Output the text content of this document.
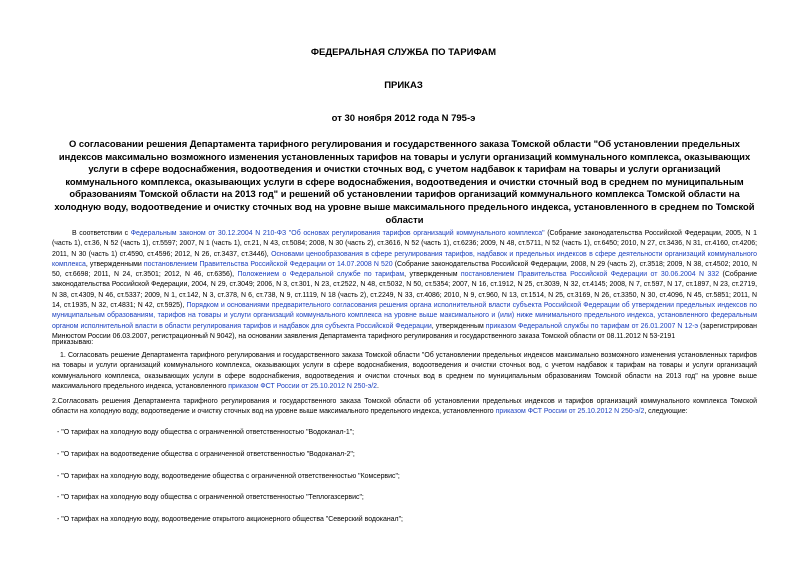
ФЕДЕРАЛЬНАЯ СЛУЖБА ПО ТАРИФАМ
ПРИКАЗ
от 30 ноября 2012 года N 795-э
О согласовании решения Департамента тарифного регулирования и государственного заказа Томской области "Об установлении предельных индексов максимально возможного изменения установленных тарифов на товары и услуги организаций коммунального комплекса, оказывающих услуги в сфере водоснабжения, водоотведения и очистки сточных вод, с учетом надбавок к тарифам на товары и услуги организаций коммунального комплекса, оказывающих услуги в сфере водоснабжения, водоотведения и очистки сточный вод в среднем по муниципальным образованиям Томской области на 2013 год" и решений об установлении тарифов организаций коммунального комплекса Томской области на холодную воду, водоотведение и очистку сточных вод на уровне выше максимального предельного индекса, установленного в среднем по Томской области
В соответствии с Федеральным законом от 30.12.2004 N 210-ФЗ "Об основах регулирования тарифов организаций коммунального комплекса" (Собрание законодательства Российской Федерации, 2005, N 1 (часть 1), ст.36, N 52 (часть 1), ст.5597; 2007, N 1 (часть 1), ст.21, N 43, ст.5084; 2008, N 30 (часть 2), ст.3616, N 52 (часть 1), ст.6236; 2009, N 48, ст.5711, N 52 (часть 1), ст.6450; 2010, N 27, ст.3436, N 31, ст.4160, ст.4206; 2011, N 30 (часть 1) ст.4590, ст.4596; 2012, N 26, ст.3437, ст.3446), Основами ценообразования в сфере регулирования тарифов, надбавок и предельных индексов в сфере деятельности организаций коммунального комплекса, утвержденными постановлением Правительства Российской Федерации от 14.07.2008 N 520 (Собрание законодательства Российской Федерации, 2008, N 29 (часть 2), ст.3518; 2009, N 38, ст.4502; 2010, N 50, ст.6698; 2011, N 24, ст.3501; 2012, N 46, ст.6356), Положением о Федеральной службе по тарифам, утвержденным постановлением Правительства Российской Федерации от 30.06.2004 N 332 (Собрание законодательства Российской Федерации, 2004, N 29, ст.3049; 2006, N 3, ст.301, N 23, ст.2522, N 48, ст.5032, N 50, ст.5354; 2007, N 16, ст.1912, N 25, ст.3039, N 32, ст.4145; 2008, N 7, ст.597, N 17, ст.1897, N 23, ст.2719, N 38, ст.4309, N 46, ст.5337; 2009, N 1, ст.142, N 3, ст.378, N 6, ст.738, N 9, ст.1119, N 18 (часть 2), ст.2249, N 33, ст.4086; 2010, N 9, ст.960, N 13, ст.1514, N 25, ст.3169, N 26, ст.3350, N 30, ст.4096, N 45, ст.5851; 2011, N 14, ст.1935, N 32, ст.4831; N 42, ст.5925), Порядком и основаниями предварительного согласования решения органа исполнительной власти субъекта Российской Федерации об утверждении предельных индексов по муниципальным образованиям, тарифов на товары и услуги организаций коммунального комплекса на уровне выше максимального и (или) ниже минимального предельного индекса, установленного федеральным органом исполнительной власти в области регулирования тарифов и надбавок для субъекта Российской Федерации, утвержденным приказом Федеральной службы по тарифам от 26.01.2007 N 12-э (зарегистрирован Минюстом России 06.03.2007, регистрационный N 9042), на основании заявления Департамента тарифного регулирования и государственного заказа Томской области от 08.11.2012 N 53-2191
приказываю:
1. Согласовать решение Департамента тарифного регулирования и государственного заказа Томской области "Об установлении предельных индексов максимально возможного изменения установленных тарифов на товары и услуги организаций коммунального комплекса, оказывающих услуги в сфере водоснабжения, водоотведения и очистки сточных вод, с учетом надбавок к тарифам на товары и услуги организаций коммунального комплекса, оказывающих услуги в сфере водоснабжения, водоотведения и очистки сточных вод в среднем по муниципальным образованиям Томской области на 2013 год" на уровне выше максимального предельного индекса, установленного приказом ФСТ России от 25.10.2012 N 250-э/2.
2.Согласовать решения Департамента тарифного регулирования и государственного заказа Томской области об установлении предельных индексов и тарифов организаций коммунального комплекса Томской области на холодную воду, водоотведение и очистку сточных вод на уровне выше максимального предельного индекса, установленного приказом ФСТ России от 25.10.2012 N 250-э/2, следующие:
- "О тарифах на холодную воду общества с ограниченной ответственностью "Водоканал-1";
- "О тарифах на водоотведение общества с ограниченной ответственностью "Водоканал-2";
- "О тарифах на холодную воду, водоотведение общества с ограниченной ответственностью "Комсервис";
- "О тарифах на холодную воду общества с ограниченной ответственностью "Теплогазсервис";
- "О тарифах на холодную воду, водоотведение открытого акционерного общества "Северский водоканал";
